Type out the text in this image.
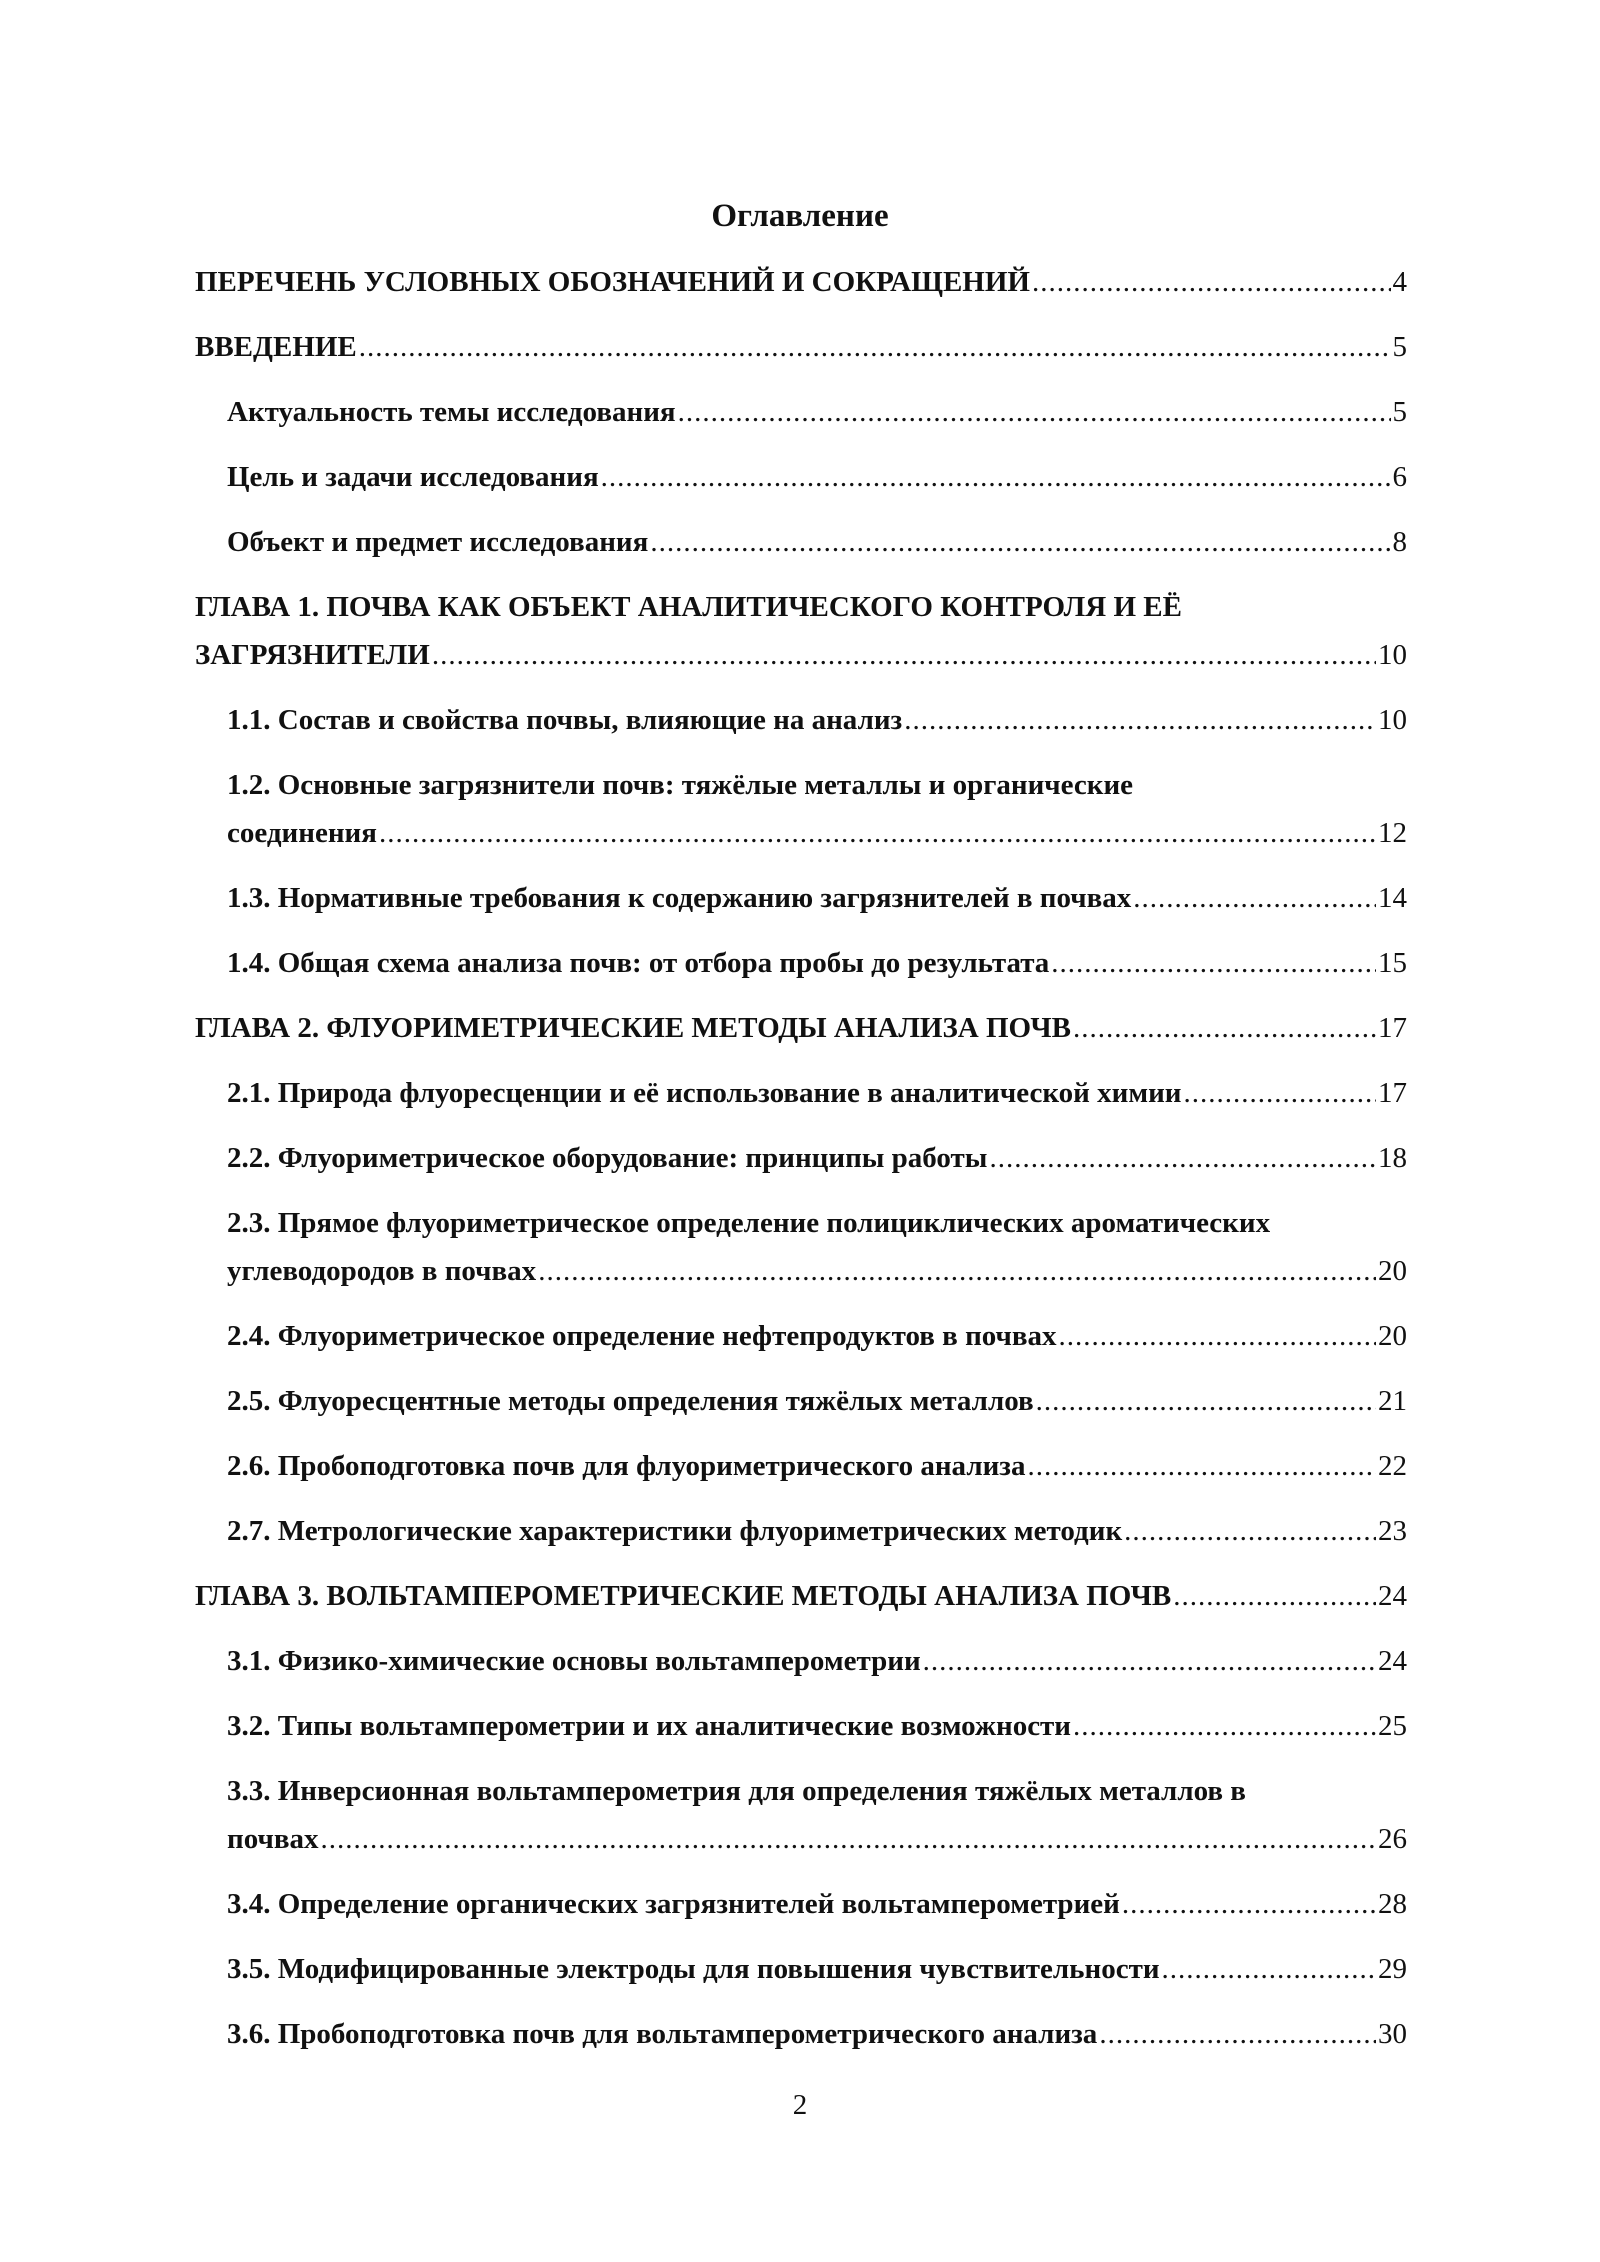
Оглавление
ПЕРЕЧЕНЬ УСЛОВНЫХ ОБОЗНАЧЕНИЙ И СОКРАЩЕНИЙ .....	4
ВВЕДЕНИЕ .....	5
Актуальность темы исследования .....	5
Цель и задачи исследования .....	6
Объект и предмет исследования .....	8
ГЛАВА 1. ПОЧВА КАК ОБЪЕКТ АНАЛИТИЧЕСКОГО КОНТРОЛЯ И ЕЁ
ЗАГРЯЗНИТЕЛИ .....	10
1.1. Состав и свойства почвы, влияющие на анализ .....	10
1.2. Основные загрязнители почв: тяжёлые металлы и органические
соединения .....	12
1.3. Нормативные требования к содержанию загрязнителей в почвах .....	14
1.4. Общая схема анализа почв: от отбора пробы до результата .....	15
ГЛАВА 2. ФЛУОРИМЕТРИЧЕСКИЕ МЕТОДЫ АНАЛИЗА ПОЧВ .....	17
2.1. Природа флуоресценции и её использование в аналитической химии .....	17
2.2. Флуориметрическое оборудование: принципы работы .....	18
2.3. Прямое флуориметрическое определение полициклических ароматических
углеводородов в почвах .....	20
2.4. Флуориметрическое определение нефтепродуктов в почвах .....	20
2.5. Флуоресцентные методы определения тяжёлых металлов .....	21
2.6. Пробоподготовка почв для флуориметрического анализа .....	22
2.7. Метрологические характеристики флуориметрических методик .....	23
ГЛАВА 3. ВОЛЬТАМПЕРОМЕТРИЧЕСКИЕ МЕТОДЫ АНАЛИЗА ПОЧВ .....	24
3.1. Физико-химические основы вольтамперометрии .....	24
3.2. Типы вольтамперометрии и их аналитические возможности .....	25
3.3. Инверсионная вольтамперометрия для определения тяжёлых металлов в
почвах .....	26
3.4. Определение органических загрязнителей вольтамперометрией .....	28
3.5. Модифицированные электроды для повышения чувствительности .....	29
3.6. Пробоподготовка почв для вольтамперометрического анализа .....	30
2
